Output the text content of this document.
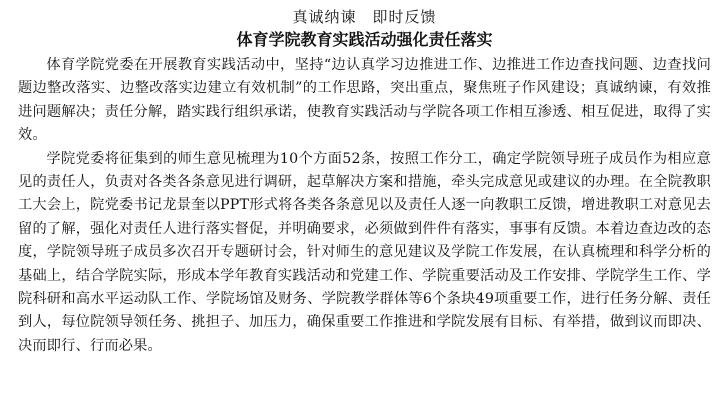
真诚纳谏　即时反馈
体育学院教育实践活动强化责任落实

体育学院党委在开展教育实践活动中，坚持“边认真学习边推进工作、边推进工作边查找问题、边查找问题边整改落实、边整改落实边建立有效机制”的工作思路，突出重点，聚焦班子作风建设；真诚纳谏，有效推进问题解决；责任分解，踏实践行组织承诺，使教育实践活动与学院各项工作相互渗透、相互促进，取得了实效。

学院党委将征集到的师生意见梳理为10个方面52条，按照工作分工，确定学院领导班子成员作为相应意见的责任人，负责对各类各条意见进行调研，起草解决方案和措施，牵头完成意见或建议的办理。在全院教职工大会上，院党委书记龙景奎以PPT形式将各类各条意见以及责任人逐一向教职工反馈，增进教职工对意见去留的了解，强化对责任人进行落实督促，并明确要求，必须做到件件有落实，事事有反馈。本着边查边改的态度，学院领导班子成员多次召开专题研讨会，针对师生的意见建议及学院工作发展，在认真梳理和科学分析的基础上，结合学院实际，形成本学年教育实践活动和党建工作、学院重要活动及工作安排、学院学生工作、学院科研和高水平运动队工作、学院场馆及财务、学院教学群体等6个条块49项重要工作，进行任务分解、责任到人，每位院领导领任务、挑担子、加压力，确保重要工作推进和学院发展有目标、有举措，做到议而即决、决而即行、行而必果。
